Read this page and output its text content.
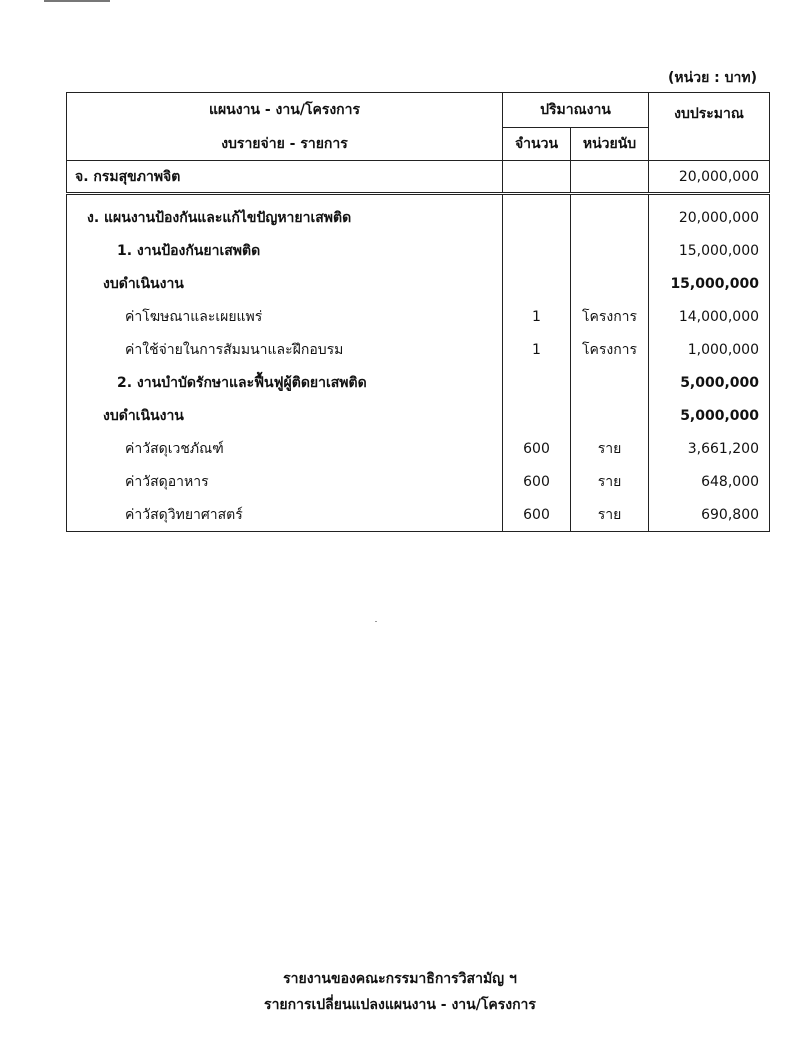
(หน่วย : บาท)
แผนงาน - งาน/โครงการ	ปริมาณงาน		งบประมาณ
งบรายจ่าย - รายการ	จำนวน	หน่วยนับ	
จ. กรมสุขภาพจิต			20,000,000

ง. แผนงานป้องกันและแก้ไขปัญหายาเสพติด			20,000,000
1. งานป้องกันยาเสพติด			15,000,000
งบดำเนินงาน			15,000,000
ค่าโฆษณาและเผยแพร่	1	โครงการ	14,000,000
ค่าใช้จ่ายในการสัมมนาและฝึกอบรม	1	โครงการ	1,000,000
2. งานบำบัดรักษาและฟื้นฟูผู้ติดยาเสพติด			5,000,000
งบดำเนินงาน			5,000,000
ค่าวัสดุเวชภัณฑ์	600	ราย	3,661,200
ค่าวัสดุอาหาร	600	ราย	648,000
ค่าวัสดุวิทยาศาสตร์	600	ราย	690,800
รายงานของคณะกรรมาธิการวิสามัญ ฯ
รายการเปลี่ยนแปลงแผนงาน - งาน/โครงการ
